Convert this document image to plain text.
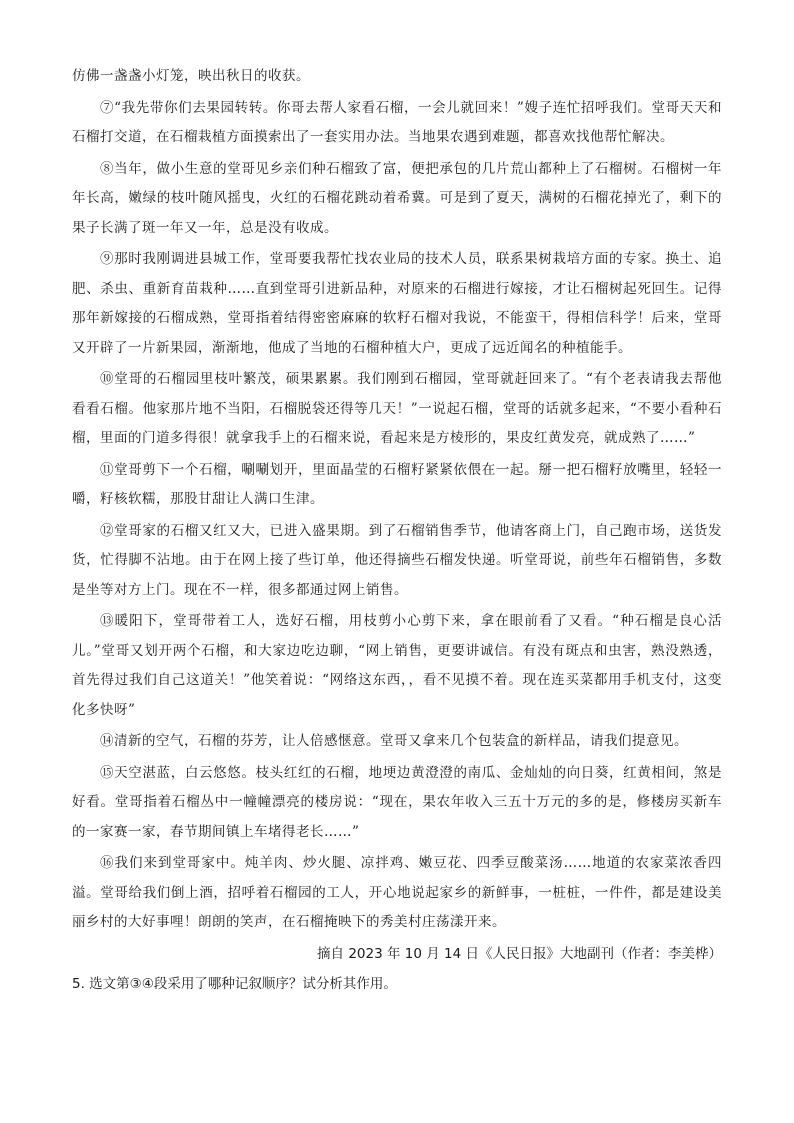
仿佛一盏盏小灯笼，映出秋日的收获。

⑦“我先带你们去果园转转。你哥去帮人家看石榴，一会儿就回来！”嫂子连忙招呼我们。堂哥天天和石榴打交道，在石榴栽植方面摸索出了一套实用办法。当地果农遇到难题，都喜欢找他帮忙解决。

⑧当年，做小生意的堂哥见乡亲们种石榴致了富，便把承包的几片荒山都种上了石榴树。石榴树一年年长高，嫩绿的枝叶随风摇曳，火红的石榴花跳动着希冀。可是到了夏天，满树的石榴花掉光了，剩下的果子长满了斑一年又一年，总是没有收成。

⑨那时我刚调进县城工作，堂哥要我帮忙找农业局的技术人员，联系果树栽培方面的专家。换土、追肥、杀虫、重新育苗栽种……直到堂哥引进新品种，对原来的石榴进行嫁接，才让石榴树起死回生。记得那年新嫁接的石榴成熟，堂哥指着结得密密麻麻的软籽石榴对我说，不能蛮干，得相信科学！后来，堂哥又开辟了一片新果园，渐渐地，他成了当地的石榴种植大户，更成了远近闻名的种植能手。

⑩堂哥的石榴园里枝叶繁茂，硕果累累。我们刚到石榴园，堂哥就赶回来了。“有个老表请我去帮他看看石榴。他家那片地不当阳，石榴脱袋还得等几天！”一说起石榴，堂哥的话就多起来，“不要小看种石榴，里面的门道多得很！就拿我手上的石榴来说，看起来是方棱形的，果皮红黄发亮，就成熟了……”

⑪堂哥剪下一个石榴，唰唰划开，里面晶莹的石榴籽紧紧依偎在一起。掰一把石榴籽放嘴里，轻轻一嚼，籽核软糯，那股甘甜让人满口生津。

⑫堂哥家的石榴又红又大，已进入盛果期。到了石榴销售季节，他请客商上门，自己跑市场，送货发货，忙得脚不沾地。由于在网上接了些订单，他还得摘些石榴发快递。听堂哥说，前些年石榴销售，多数是坐等对方上门。现在不一样，很多都通过网上销售。

⑬暖阳下，堂哥带着工人，选好石榴，用枝剪小心剪下来，拿在眼前看了又看。“种石榴是良心活儿。”堂哥又划开两个石榴，和大家边吃边聊，“网上销售，更要讲诚信。有没有斑点和虫害，熟没熟透，首先得过我们自己这道关！”他笑着说：“网络这东西，，看不见摸不着。现在连买菜都用手机支付，这变化多快呀”

⑭清新的空气，石榴的芬芳，让人倍感惬意。堂哥又拿来几个包装盒的新样品，请我们提意见。

⑮天空湛蓝，白云悠悠。枝头红红的石榴，地埂边黄澄澄的南瓜、金灿灿的向日葵，红黄相间，煞是好看。堂哥指着石榴丛中一幢幢漂亮的楼房说：“现在，果农年收入三五十万元的多的是，修楼房买新车的一家赛一家，春节期间镇上车堵得老长……”

⑯我们来到堂哥家中。炖羊肉、炒火腿、凉拌鸡、嫩豆花、四季豆酸菜汤……地道的农家菜浓香四溢。堂哥给我们倒上酒，招呼着石榴园的工人，开心地说起家乡的新鲜事，一桩桩，一件件，都是建设美丽乡村的大好事哩！朗朗的笑声，在石榴掩映下的秀美村庄荡漾开来。

摘自 2023 年 10 月 14 日《人民日报》大地副刊（作者：李美桦）

5. 选文第③④段采用了哪种记叙顺序？试分析其作用。
